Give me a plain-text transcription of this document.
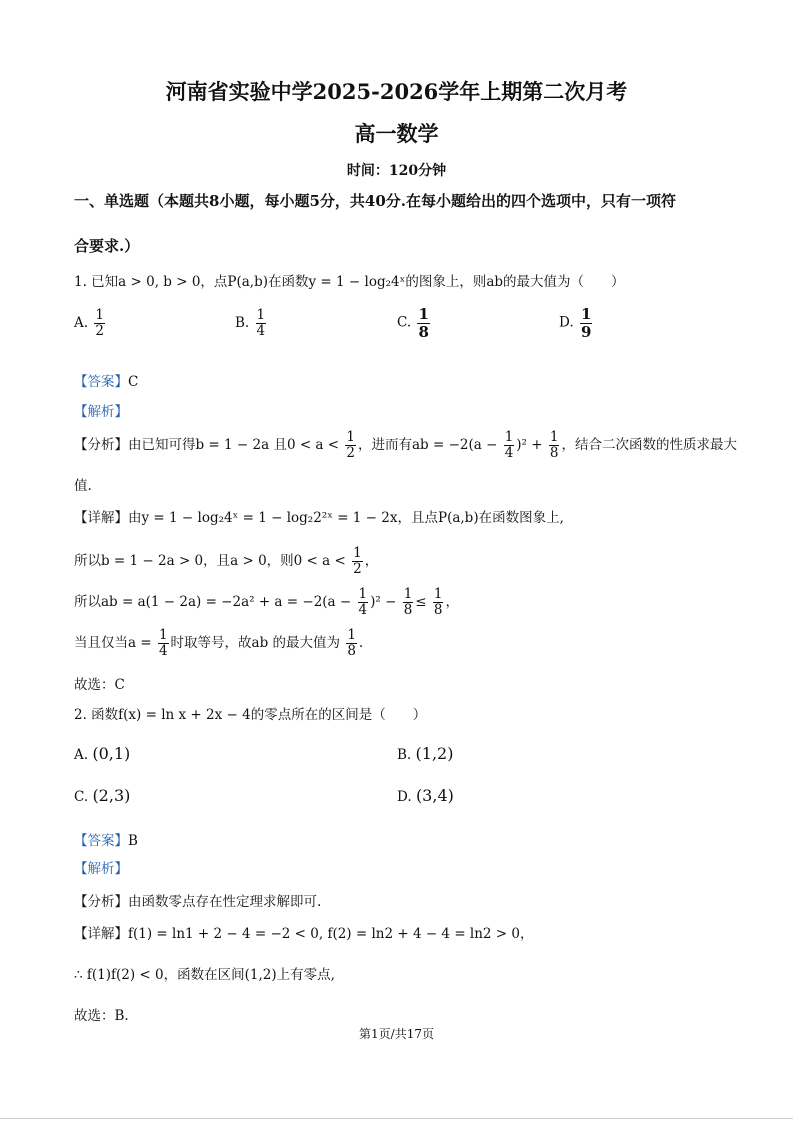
河南省实验中学2025-2026学年上期第二次月考
高一数学
时间：120分钟
一、单选题（本题共8小题，每小题5分，共40分.在每小题给出的四个选项中，只有一项符
合要求.）
1. 已知a > 0, b > 0，点P(a,b)在函数y = 1 − log₂4ˣ的图象上，则ab的最大值为（　　）
A. $\frac{1}{2}$	B. $\frac{1}{4}$	C. $\frac{1}{8}$	D. $\frac{1}{9}$
【答案】C
【解析】
【分析】由已知可得b = 1 − 2a 且$0 < a < \frac{1}{2}$ ，进而有ab = $-2(a - \frac{1}{4} )^2 + \frac{1}{8}$ ，结合二次函数的性质求最大
值.
【详解】由y = 1 − log₂4ˣ = 1 − log₂2²ˣ = 1 − 2x，且点P(a,b)在函数图象上,
所以b = 1 − 2a > 0，且a > 0，则$0 < a < \frac{1}{2}$ ，
所以ab = $a(1 - 2a) = -2a^2 + a = -2(a - \frac{1}{4} )^2 - \frac{1}{8} \le \frac{1}{8}$ ，
当且仅当$a = \frac{1}{4}$ 时取等号，故ab 的最大值为 $\frac{1}{8}$ .
故选：C
2. 函数f(x) = ln x + 2x − 4的零点所在的区间是（　　）
A. (0,1)	B. (1,2)
C. (2,3)	D. (3,4)
【答案】B
【解析】
【分析】由函数零点存在性定理求解即可.
【详解】f(1) = ln1 + 2 − 4 = −2 < 0, f(2) = ln2 + 4 − 4 = ln2 > 0，
∴ f(1)f(2) < 0，函数在区间(1,2)上有零点,
故选：B.
第1页/共17页
